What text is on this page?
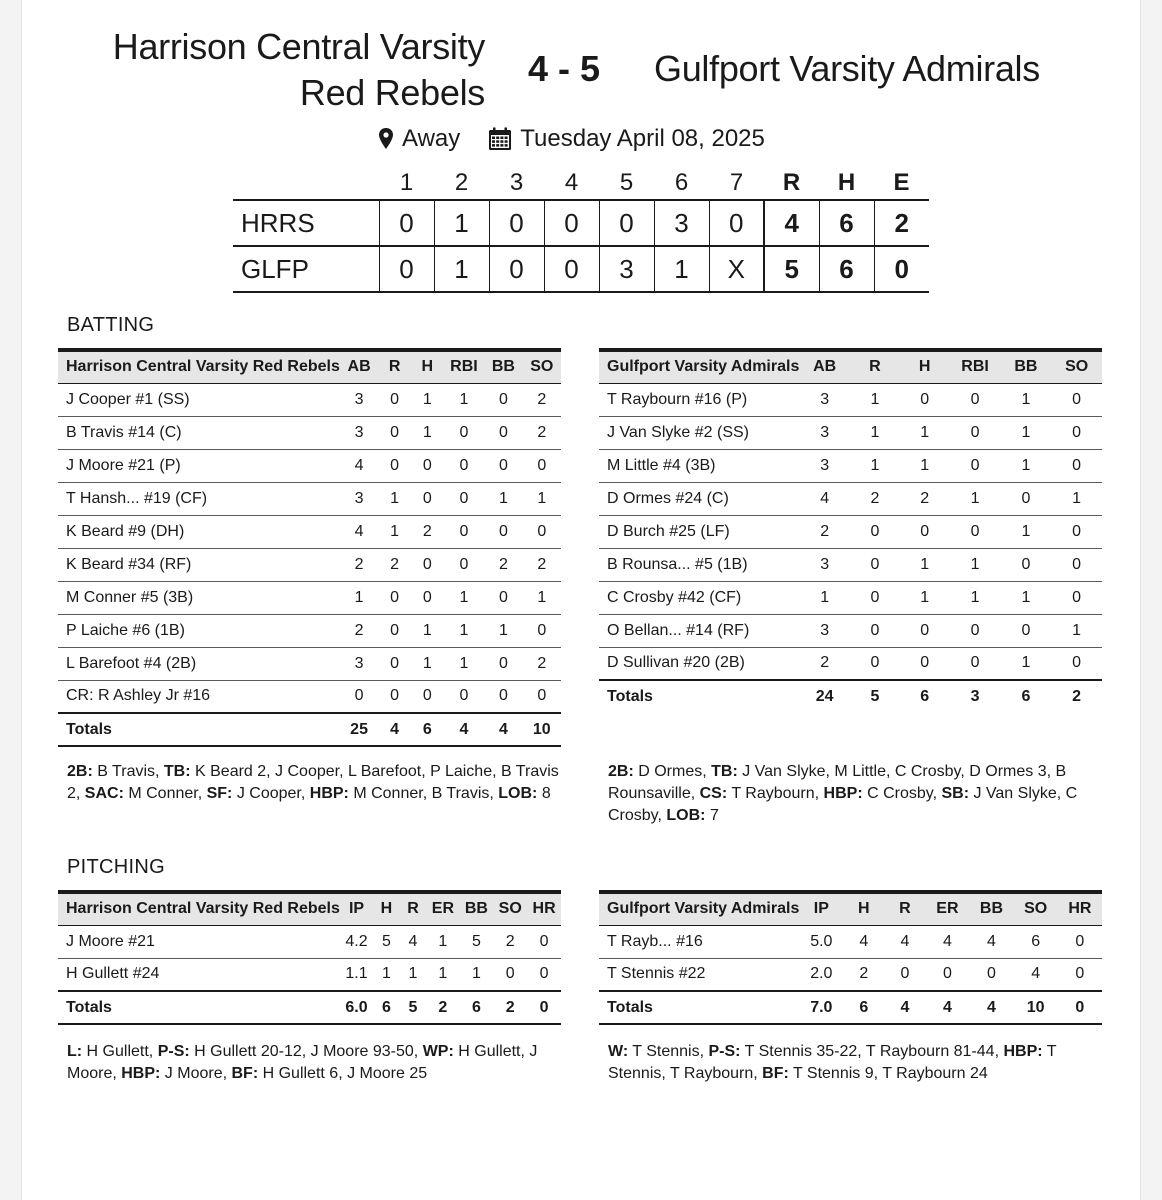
Harrison Central Varsity
Red Rebels
4 - 5 Gulfport Varsity Admirals
Away	Tuesday April 08, 2025
	1	2	3	4	5	6	7	R	H	E
HRRS	0	1	0	0	0	3	0	4	6	2
GLFP	0	1	0	0	3	1	X	5	6	0
BATTING
Harrison Central Varsity Red Rebels	AB	R	H	RBI	BB	SO
J Cooper #1 (SS)	3	0	1	1	0	2
B Travis #14 (C)	3	0	1	0	0	2
J Moore #21 (P)	4	0	0	0	0	0
T Hansh... #19 (CF)	3	1	0	0	1	1
K Beard #9 (DH)	4	1	2	0	0	0
K Beard #34 (RF)	2	2	0	0	2	2
M Conner #5 (3B)	1	0	0	1	0	1
P Laiche #6 (1B)	2	0	1	1	1	0
L Barefoot #4 (2B)	3	0	1	1	0	2
CR: R Ashley Jr #16	0	0	0	0	0	0
Totals	25	4	6	4	4	10
Gulfport Varsity Admirals	AB	R	H	RBI	BB	SO
T Raybourn #16 (P)	3	1	0	0	1	0
J Van Slyke #2 (SS)	3	1	1	0	1	0
M Little #4 (3B)	3	1	1	0	1	0
D Ormes #24 (C)	4	2	2	1	0	1
D Burch #25 (LF)	2	0	0	0	1	0
B Rounsa... #5 (1B)	3	0	1	1	0	0
C Crosby #42 (CF)	1	0	1	1	1	0
O Bellan... #14 (RF)	3	0	0	0	0	1
D Sullivan #20 (2B)	2	0	0	0	1	0
Totals	24	5	6	3	6	2
2B: B Travis, TB: K Beard 2, J Cooper, L Barefoot, P Laiche, B Travis 2, SAC: M Conner, SF: J Cooper, HBP: M Conner, B Travis, LOB: 8
2B: D Ormes, TB: J Van Slyke, M Little, C Crosby, D Ormes 3, B Rounsaville, CS: T Raybourn, HBP: C Crosby, SB: J Van Slyke, C Crosby, LOB: 7
PITCHING
Harrison Central Varsity Red Rebels	IP	H	R	ER	BB	SO	HR
J Moore #21	4.2	5	4	1	5	2	0
H Gullett #24	1.1	1	1	1	1	0	0
Totals	6.0	6	5	2	6	2	0
Gulfport Varsity Admirals	IP	H	R	ER	BB	SO	HR
T Rayb... #16	5.0	4	4	4	4	6	0
T Stennis #22	2.0	2	0	0	0	4	0
Totals	7.0	6	4	4	4	10	0
L: H Gullett, P-S: H Gullett 20-12, J Moore 93-50, WP: H Gullett, J Moore, HBP: J Moore, BF: H Gullett 6, J Moore 25
W: T Stennis, P-S: T Stennis 35-22, T Raybourn 81-44, HBP: T Stennis, T Raybourn, BF: T Stennis 9, T Raybourn 24
